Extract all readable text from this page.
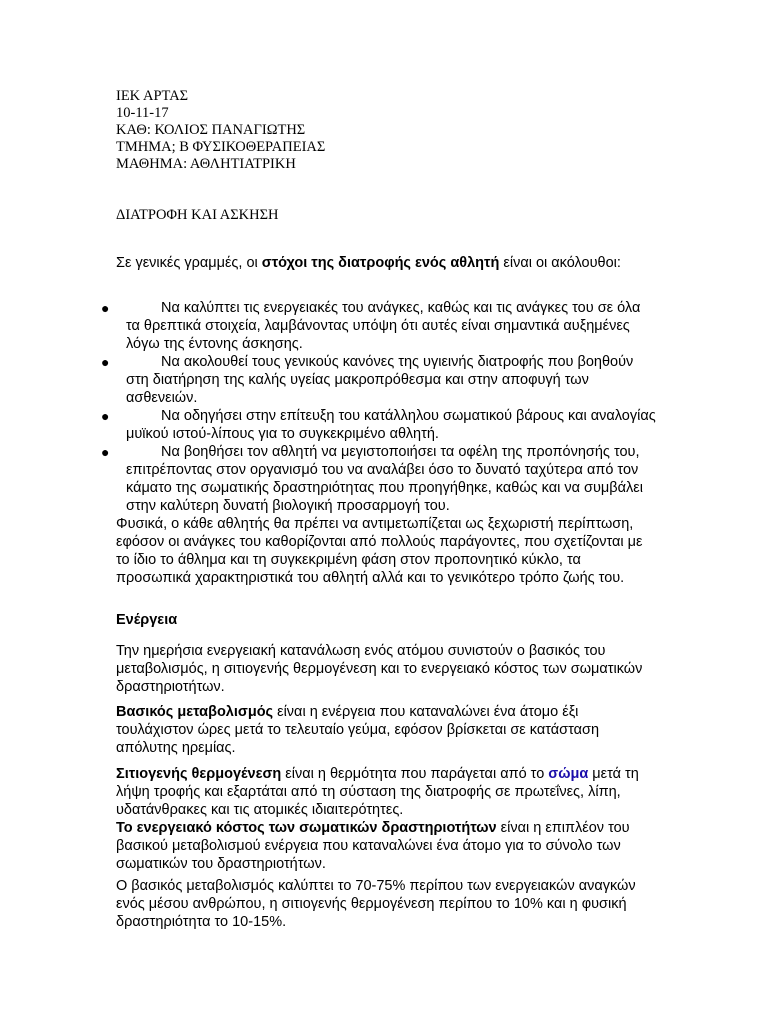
ΙΕΚ ΑΡΤΑΣ
10-11-17
ΚΑΘ: ΚΟΛΙΟΣ ΠΑΝΑΓΙΩΤΗΣ
ΤΜΗΜΑ; Β ΦΥΣΙΚΟΘΕΡΑΠΕΙΑΣ
ΜΑΘΗΜΑ: ΑΘΛΗΤΙΑΤΡΙΚΗ
ΔΙΑΤΡΟΦΗ ΚΑΙ ΑΣΚΗΣΗ
Σε γενικές γραμμές, οι στόχοι της διατροφής ενός αθλητή είναι οι ακόλουθοι:
●	Να καλύπτει τις ενεργειακές του ανάγκες, καθώς και τις ανάγκες του σε όλα τα θρεπτικά στοιχεία, λαμβάνοντας υπόψη ότι αυτές είναι σημαντικά αυξημένες λόγω της έντονης άσκησης.
●	Να ακολουθεί τους γενικούς κανόνες της υγιεινής διατροφής που βοηθούν στη διατήρηση της καλής υγείας μακροπρόθεσμα και στην αποφυγή των ασθενειών.
●	Να οδηγήσει στην επίτευξη του κατάλληλου σωματικού βάρους και αναλογίας μυϊκού ιστού-λίπους για το συγκεκριμένο αθλητή.
●	Να βοηθήσει τον αθλητή να μεγιστοποιήσει τα οφέλη της προπόνησής του, επιτρέποντας στον οργανισμό του να αναλάβει όσο το δυνατό ταχύτερα από τον κάματο της σωματικής δραστηριότητας που προηγήθηκε, καθώς και να συμβάλει στην καλύτερη δυνατή βιολογική προσαρμογή του.
Φυσικά, ο κάθε αθλητής θα πρέπει να αντιμετωπίζεται ως ξεχωριστή περίπτωση, εφόσον οι ανάγκες του καθορίζονται από πολλούς παράγοντες, που σχετίζονται με το ίδιο το άθλημα και τη συγκεκριμένη φάση στον προπονητικό κύκλο, τα προσωπικά χαρακτηριστικά του αθλητή αλλά και το γενικότερο τρόπο ζωής του.
Ενέργεια
Την ημερήσια ενεργειακή κατανάλωση ενός ατόμου συνιστούν ο βασικός του μεταβολισμός, η σιτιογενής θερμογένεση και το ενεργειακό κόστος των σωματικών δραστηριοτήτων.
Βασικός μεταβολισμός είναι η ενέργεια που καταναλώνει ένα άτομο έξι τουλάχιστον ώρες μετά το τελευταίο γεύμα, εφόσον βρίσκεται σε κατάσταση απόλυτης ηρεμίας.
Σιτιογενής θερμογένεση είναι η θερμότητα που παράγεται από το σώμα μετά τη λήψη τροφής και εξαρτάται από τη σύσταση της διατροφής σε πρωτεΐνες, λίπη, υδατάνθρακες και τις ατομικές ιδιαιτερότητες.
Το ενεργειακό κόστος των σωματικών δραστηριοτήτων είναι η επιπλέον του βασικού μεταβολισμού ενέργεια που καταναλώνει ένα άτομο για το σύνολο των σωματικών του δραστηριοτήτων.
Ο βασικός μεταβολισμός καλύπτει το 70-75% περίπου των ενεργειακών αναγκών ενός μέσου ανθρώπου, η σιτιογενής θερμογένεση περίπου το 10% και η φυσική δραστηριότητα το 10-15%.
